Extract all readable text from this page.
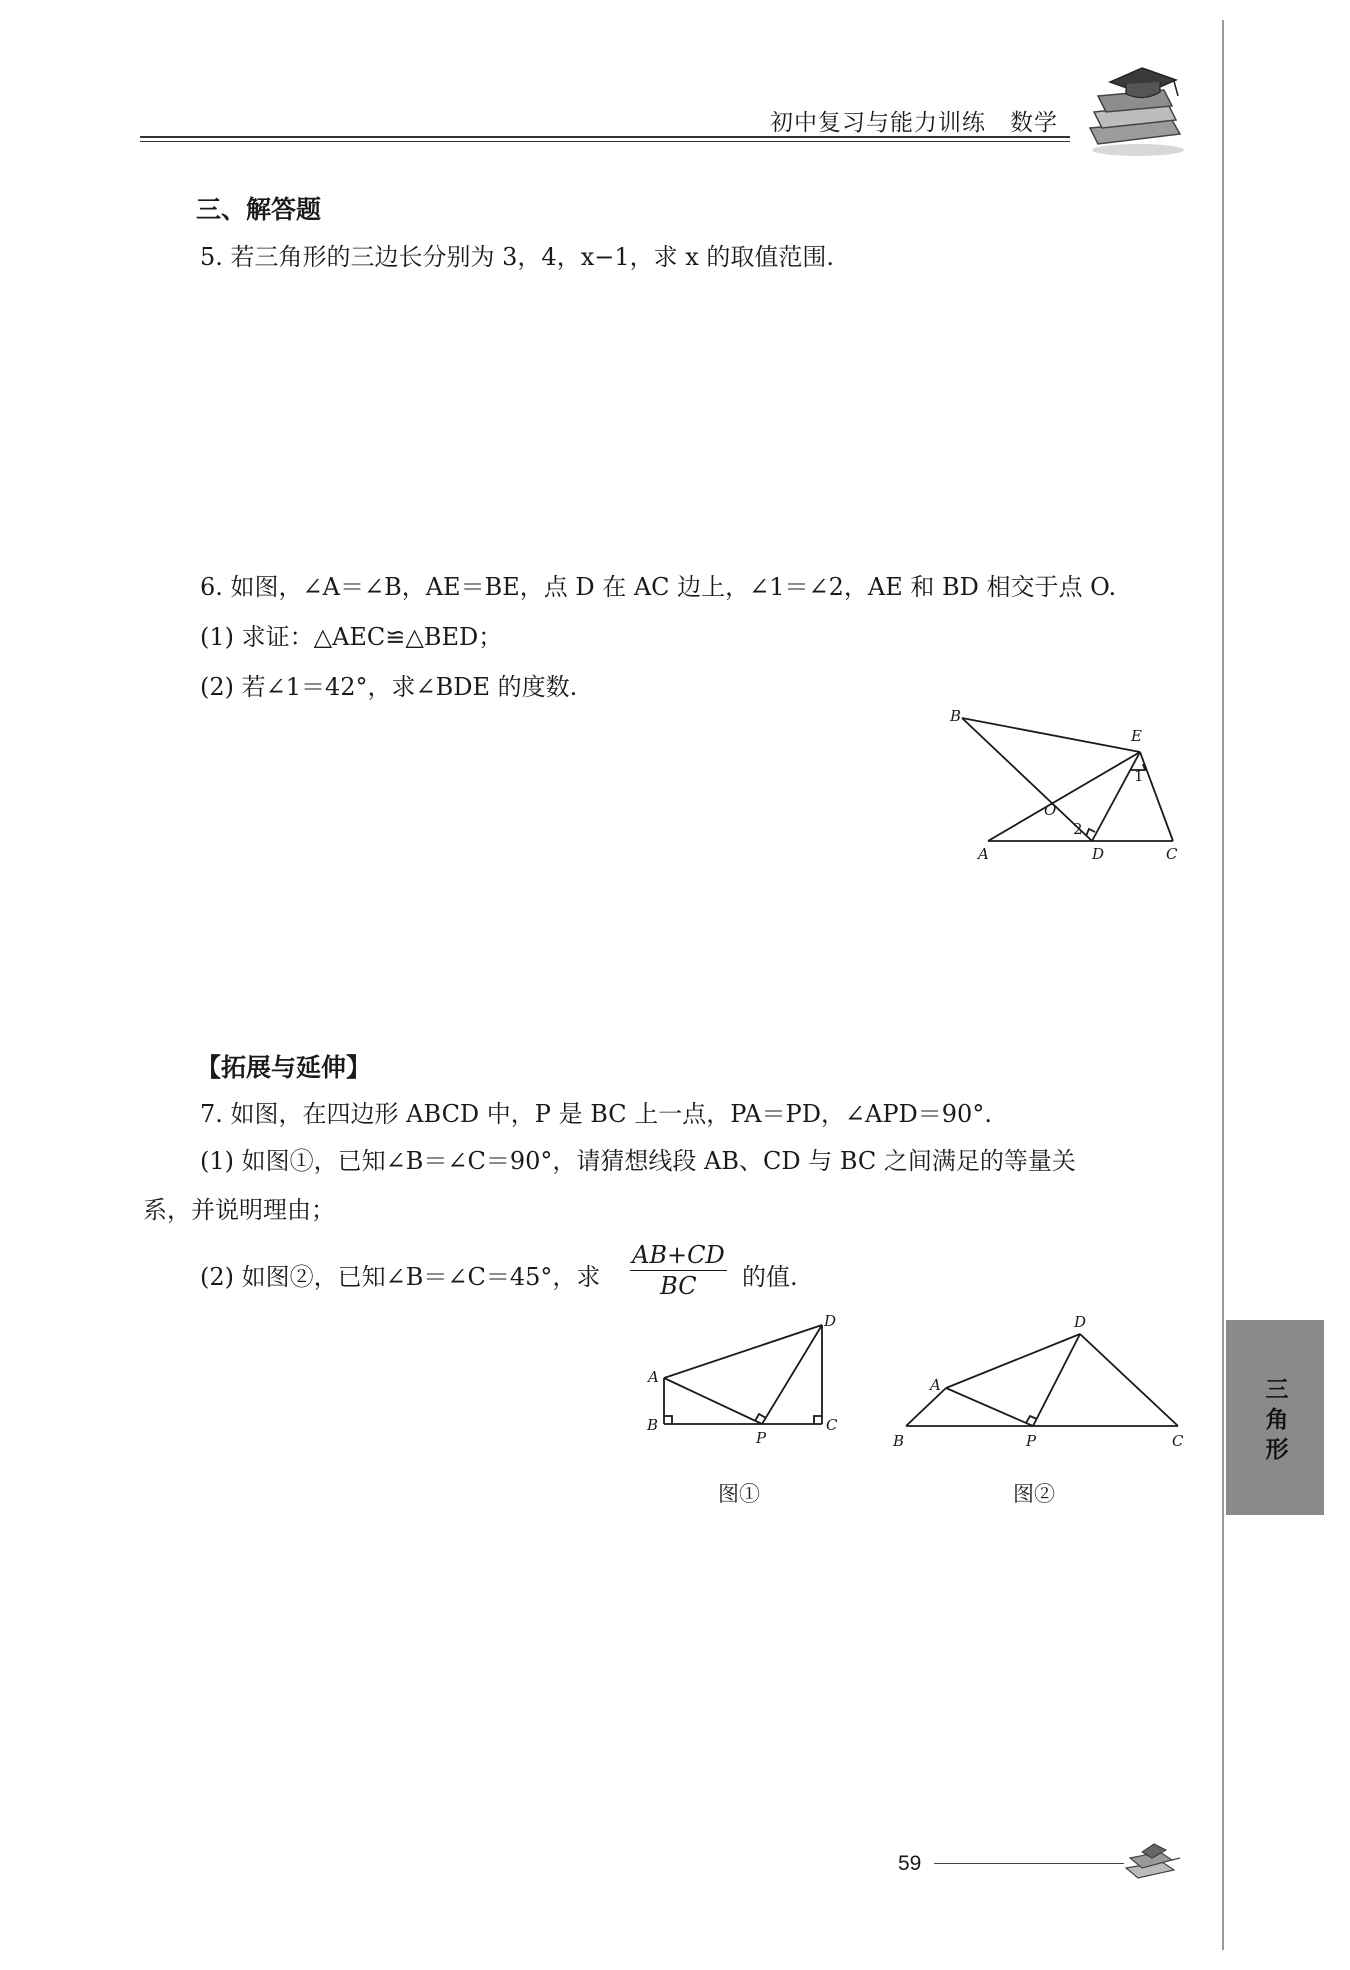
初中复习与能力训练 数学
三、解答题
5. 若三角形的三边长分别为 3，4，x−1，求 x 的取值范围.
6. 如图，∠A＝∠B，AE＝BE，点 D 在 AC 边上，∠1＝∠2，AE 和 BD 相交于点 O.
(1) 求证：△AEC≌△BED；
(2) 若∠1＝42°，求∠BDE 的度数.
B
E
O
1
2
A	D	C
【拓展与延伸】
7. 如图，在四边形 ABCD 中，P 是 BC 上一点，PA＝PD，∠APD＝90°.
(1) 如图①，已知∠B＝∠C＝90°，请猜想线段 AB、CD 与 BC 之间满足的等量关
系，并说明理由；
(2) 如图②，已知∠B＝∠C＝45°，求 $\frac{AB+CD}{BC}$ 的值.
A
B
P
C
D
图①
A
B	P	C
D
图②
三角形
59
